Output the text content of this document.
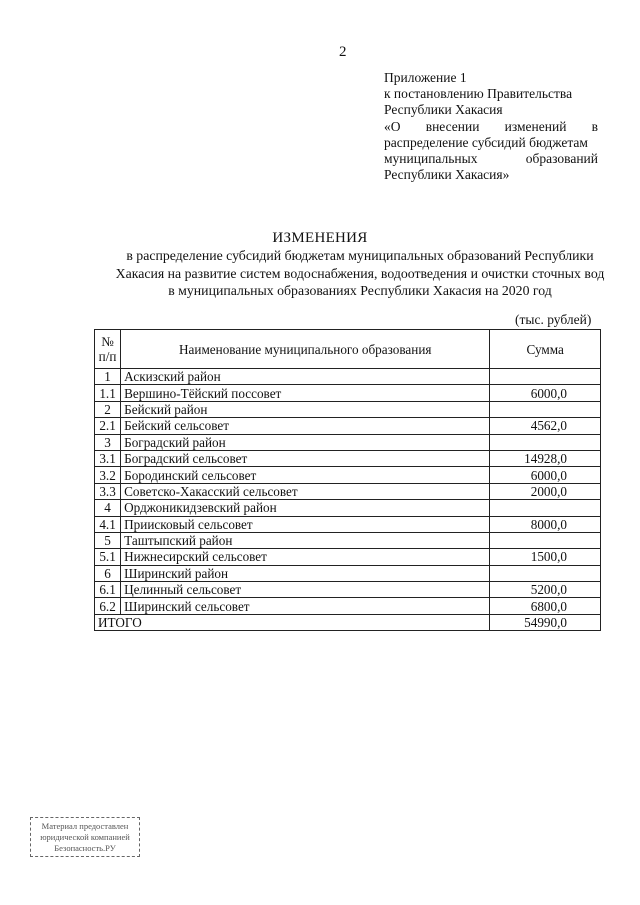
2
Приложение 1
к постановлению Правительства
Республики Хакасия
«О внесении изменений в
распределение субсидий бюджетам
муниципальных образований
Республики Хакасия»
ИЗМЕНЕНИЯ
в распределение субсидий бюджетам муниципальных образований Республики
Хакасия на развитие систем водоснабжения, водоотведения и очистки сточных вод
в муниципальных образованиях Республики Хакасия на 2020 год
(тыс. рублей)
№ п/п	Наименование муниципального образования	Сумма
1	Аскизский район	
1.1	Вершино-Тёйский поссовет	6000,0
2	Бейский район	
2.1	Бейский сельсовет	4562,0
3	Боградский район	
3.1	Боградский сельсовет	14928,0
3.2	Бородинский сельсовет	6000,0
3.3	Советско-Хакасский сельсовет	2000,0
4	Орджоникидзевский район	
4.1	Приисковый сельсовет	8000,0
5	Таштыпский район	
5.1	Нижнесирский сельсовет	1500,0
6	Ширинский район	
6.1	Целинный сельсовет	5200,0
6.2	Ширинский сельсовет	6800,0
ИТОГО		54990,0
Материал предоставлен
юридической компанией
Безопасность.РУ
